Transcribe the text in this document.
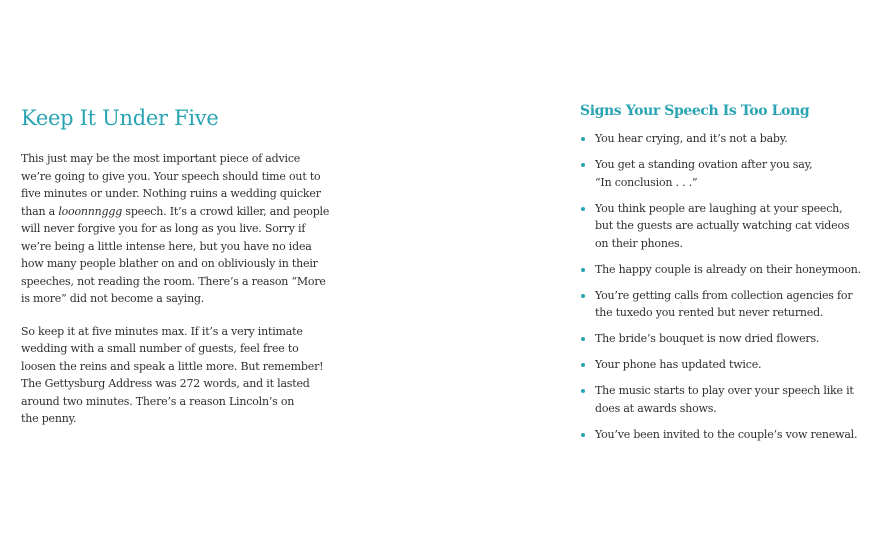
Keep It Under Five

This just may be the most important piece of advice
we’re going to give you. Your speech should time out to
five minutes or under. Nothing ruins a wedding quicker
than a looonnnggg speech. It’s a crowd killer, and people
will never forgive you for as long as you live. Sorry if
we’re being a little intense here, but you have no idea
how many people blather on and on obliviously in their
speeches, not reading the room. There’s a reason “More
is more” did not become a saying.

So keep it at five minutes max. If it’s a very intimate
wedding with a small number of guests, feel free to
loosen the reins and speak a little more. But remember!
The Gettysburg Address was 272 words, and it lasted
around two minutes. There’s a reason Lincoln’s on
the penny.

Signs Your Speech Is Too Long
You hear crying, and it’s not a baby.
You get a standing ovation after you say,
“In conclusion . . .”
You think people are laughing at your speech,
but the guests are actually watching cat videos
on their phones.
The happy couple is already on their honeymoon.
You’re getting calls from collection agencies for
the tuxedo you rented but never returned.
The bride’s bouquet is now dried flowers.
Your phone has updated twice.
The music starts to play over your speech like it
does at awards shows.
You’ve been invited to the couple’s vow renewal.
